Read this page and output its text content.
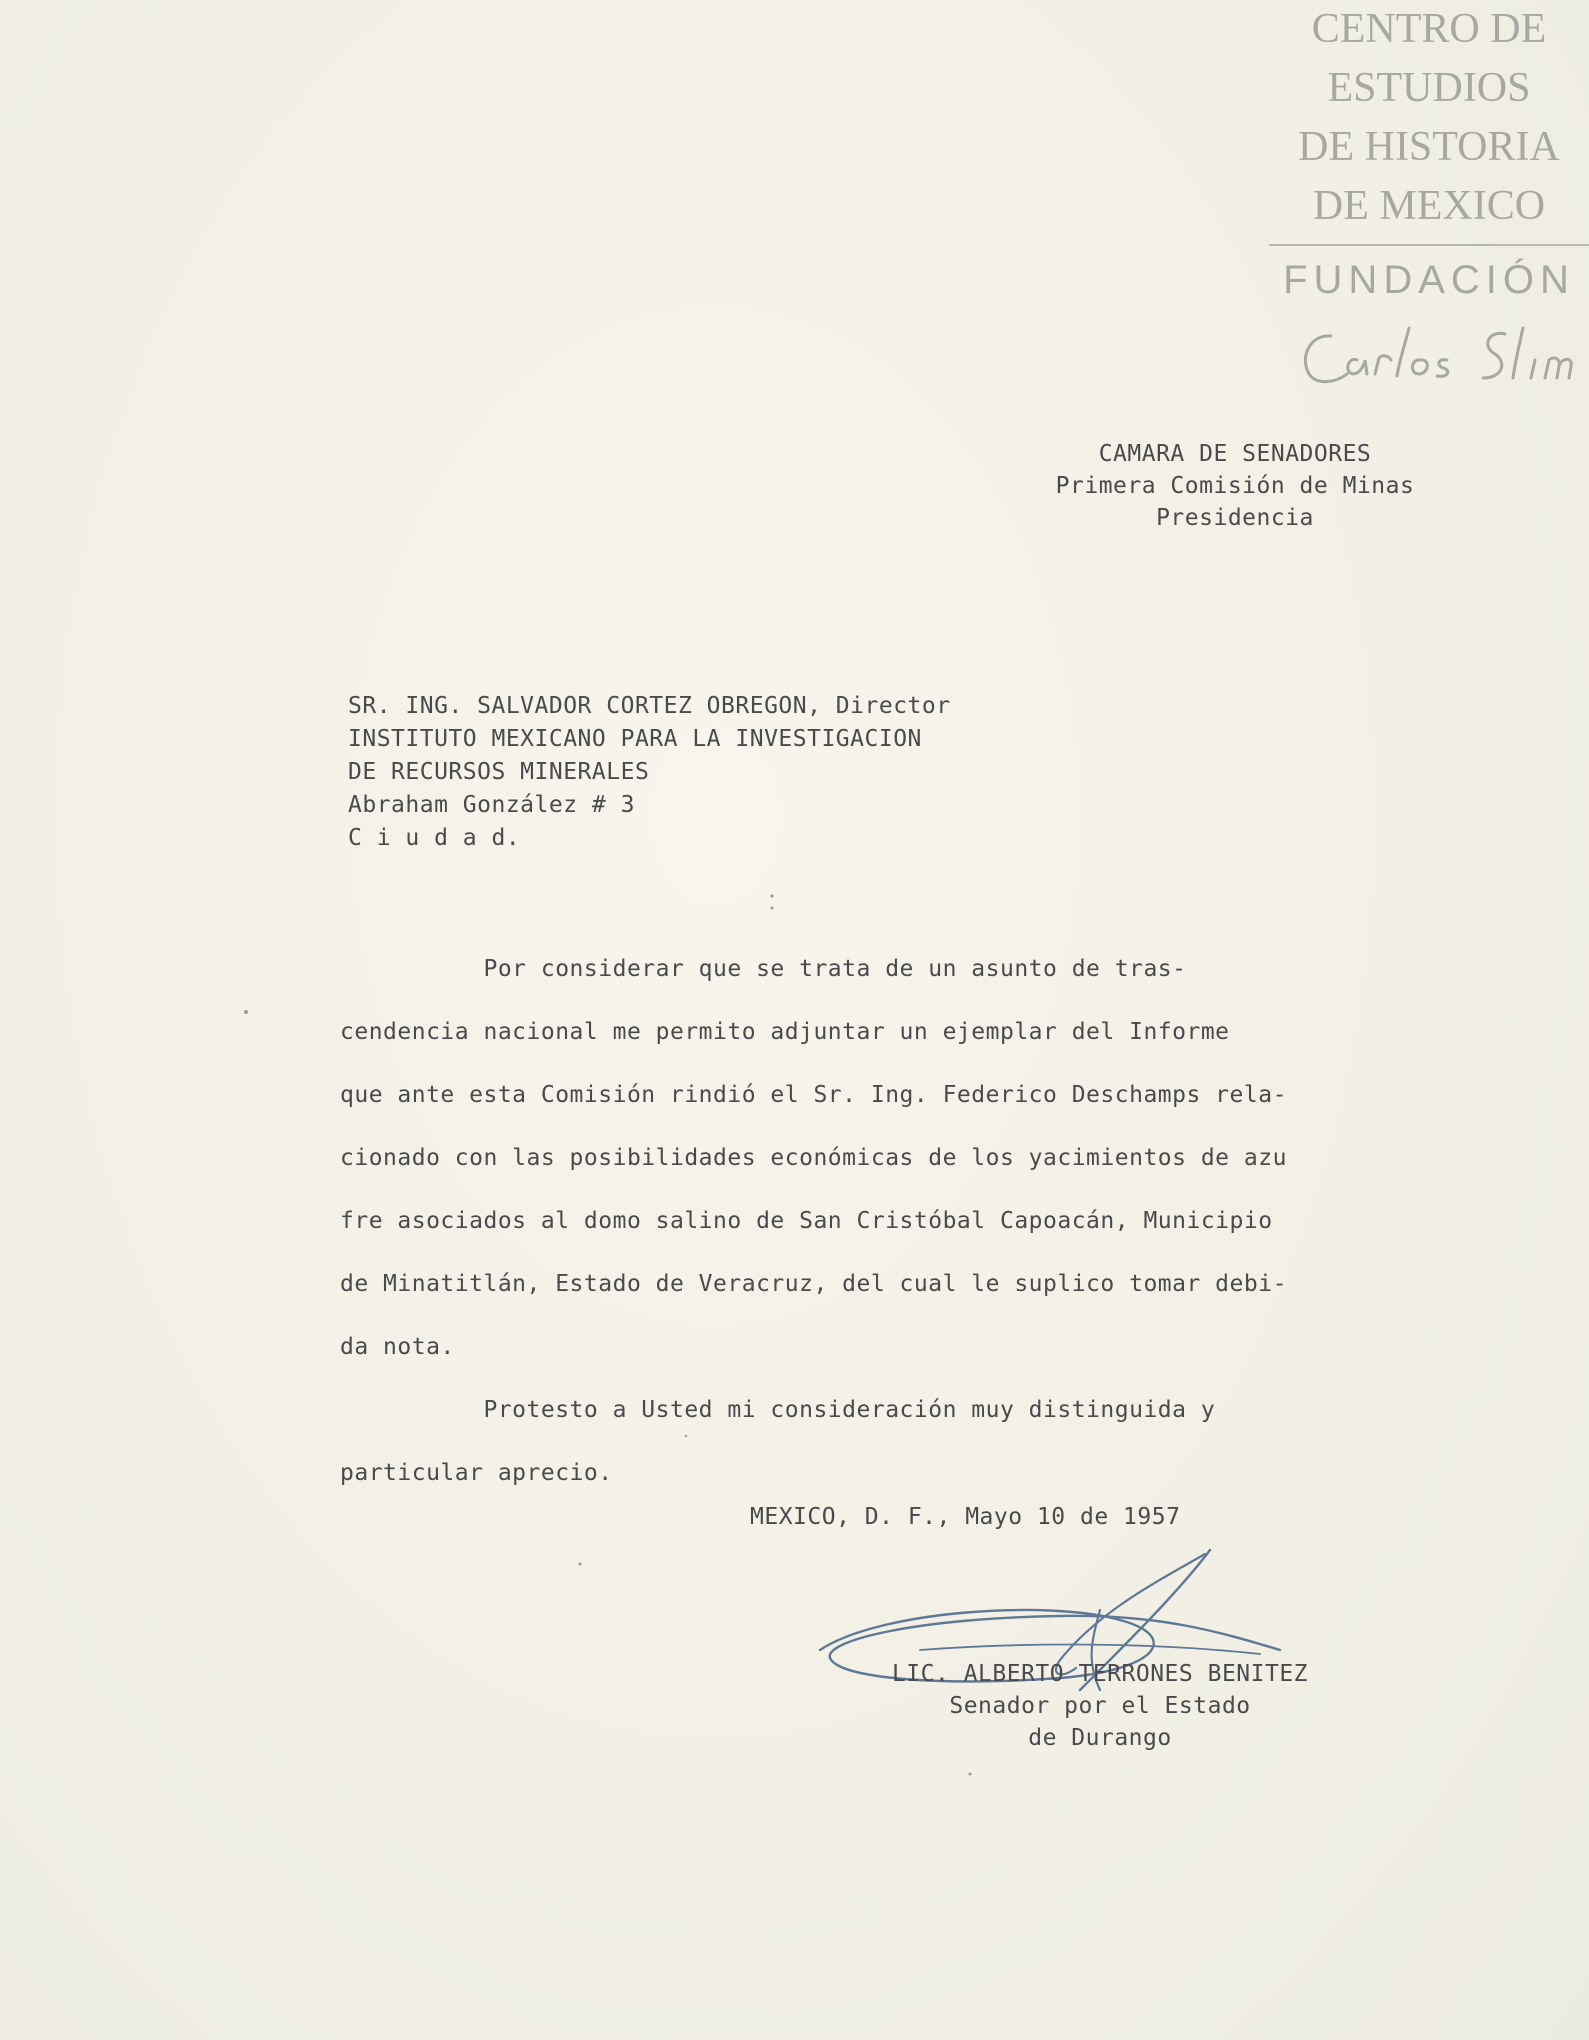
CENTRO DE
ESTUDIOS
DE HISTORIA
DE MEXICO
FUNDACIÓN
CAMARA DE SENADORES
Primera Comisión de Minas
Presidencia
SR. ING. SALVADOR CORTEZ OBREGON, Director
INSTITUTO MEXICANO PARA LA INVESTIGACION
DE RECURSOS MINERALES
Abraham González # 3
C i u d a d.
Por considerar que se trata de un asunto de tras-
cendencia nacional me permito adjuntar un ejemplar del Informe
que ante esta Comisión rindió el Sr. Ing. Federico Deschamps rela-
cionado con las posibilidades económicas de los yacimientos de azu
fre asociados al domo salino de San Cristóbal Capoacán, Municipio
de Minatitlán, Estado de Veracruz, del cual le suplico tomar debi-
da nota.
Protesto a Usted mi consideración muy distinguida y
particular aprecio.
MEXICO, D. F., Mayo 10 de 1957
LIC. ALBERTO TERRONES BENITEZ
Senador por el Estado
de Durango
